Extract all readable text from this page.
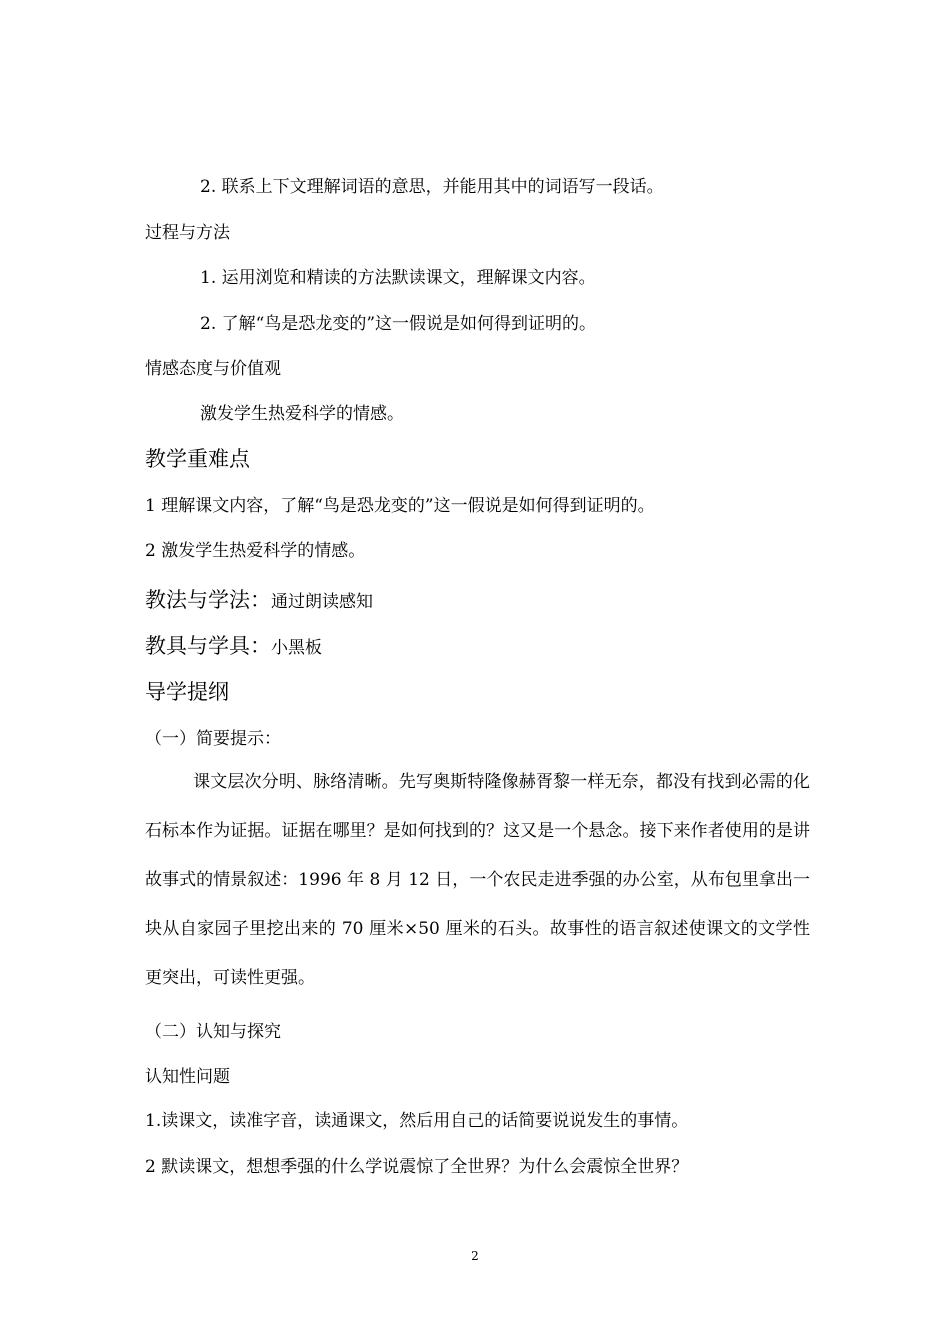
2. 联系上下文理解词语的意思，并能用其中的词语写一段话。
过程与方法
1. 运用浏览和精读的方法默读课文，理解课文内容。
2. 了解“鸟是恐龙变的”这一假说是如何得到证明的。
情感态度与价值观
激发学生热爱科学的情感。
教学重难点
1 理解课文内容，了解“鸟是恐龙变的”这一假说是如何得到证明的。
2 激发学生热爱科学的情感。
教法与学法：通过朗读感知
教具与学具：小黑板
导学提纲
（一）简要提示：
课文层次分明、脉络清晰。先写奥斯特隆像赫胥黎一样无奈，都没有找到必需的化石标本作为证据。证据在哪里？是如何找到的？这又是一个悬念。接下来作者使用的是讲故事式的情景叙述：1996 年 8 月 12 日，一个农民走进季强的办公室，从布包里拿出一块从自家园子里挖出来的 70 厘米×50 厘米的石头。故事性的语言叙述使课文的文学性更突出，可读性更强。
（二）认知与探究
认知性问题
1.读课文，读准字音，读通课文，然后用自己的话简要说说发生的事情。
2 默读课文，想想季强的什么学说震惊了全世界？为什么会震惊全世界？
2
